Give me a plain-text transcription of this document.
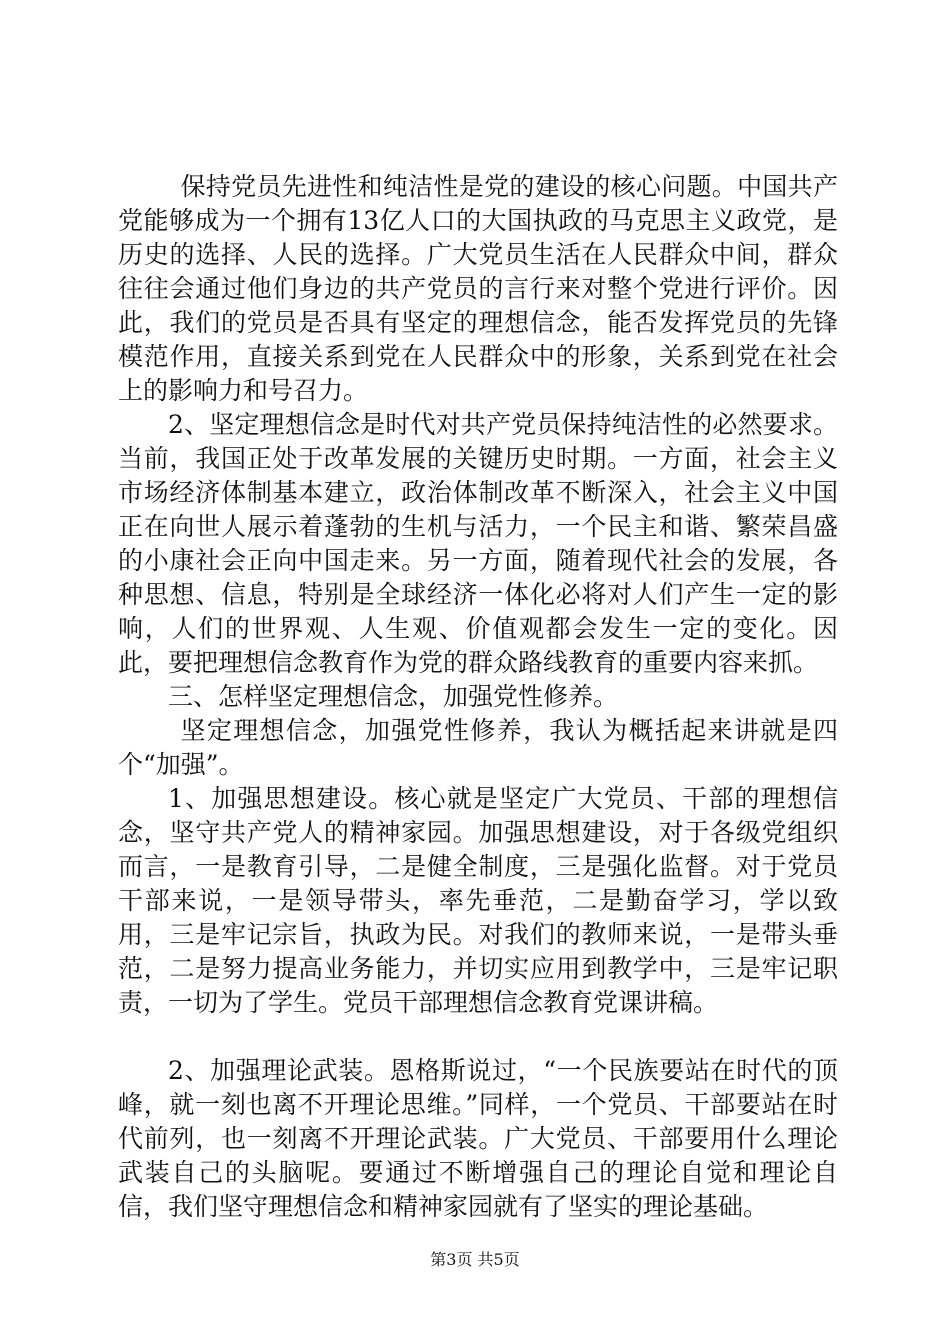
保持党员先进性和纯洁性是党的建设的核心问题。中国共产党能够成为一个拥有13亿人口的大国执政的马克思主义政党，是历史的选择、人民的选择。广大党员生活在人民群众中间，群众往往会通过他们身边的共产党员的言行来对整个党进行评价。因此，我们的党员是否具有坚定的理想信念，能否发挥党员的先锋模范作用，直接关系到党在人民群众中的形象，关系到党在社会上的影响力和号召力。

2、坚定理想信念是时代对共产党员保持纯洁性的必然要求。当前，我国正处于改革发展的关键历史时期。一方面，社会主义市场经济体制基本建立，政治体制改革不断深入，社会主义中国正在向世人展示着蓬勃的生机与活力，一个民主和谐、繁荣昌盛的小康社会正向中国走来。另一方面，随着现代社会的发展，各种思想、信息，特别是全球经济一体化必将对人们产生一定的影响，人们的世界观、人生观、价值观都会发生一定的变化。因此，要把理想信念教育作为党的群众路线教育的重要内容来抓。

三、怎样坚定理想信念，加强党性修养。

坚定理想信念，加强党性修养，我认为概括起来讲就是四个“加强”。

1、加强思想建设。核心就是坚定广大党员、干部的理想信念，坚守共产党人的精神家园。加强思想建设，对于各级党组织而言，一是教育引导，二是健全制度，三是强化监督。对于党员干部来说，一是领导带头，率先垂范，二是勤奋学习，学以致用，三是牢记宗旨，执政为民。对我们的教师来说，一是带头垂范，二是努力提高业务能力，并切实应用到教学中，三是牢记职责，一切为了学生。党员干部理想信念教育党课讲稿。

2、加强理论武装。恩格斯说过，“一个民族要站在时代的顶峰，就一刻也离不开理论思维。”同样，一个党员、干部要站在时代前列，也一刻离不开理论武装。广大党员、干部要用什么理论武装自己的头脑呢。要通过不断增强自己的理论自觉和理论自信，我们坚守理想信念和精神家园就有了坚实的理论基础。

第3页 共5页
